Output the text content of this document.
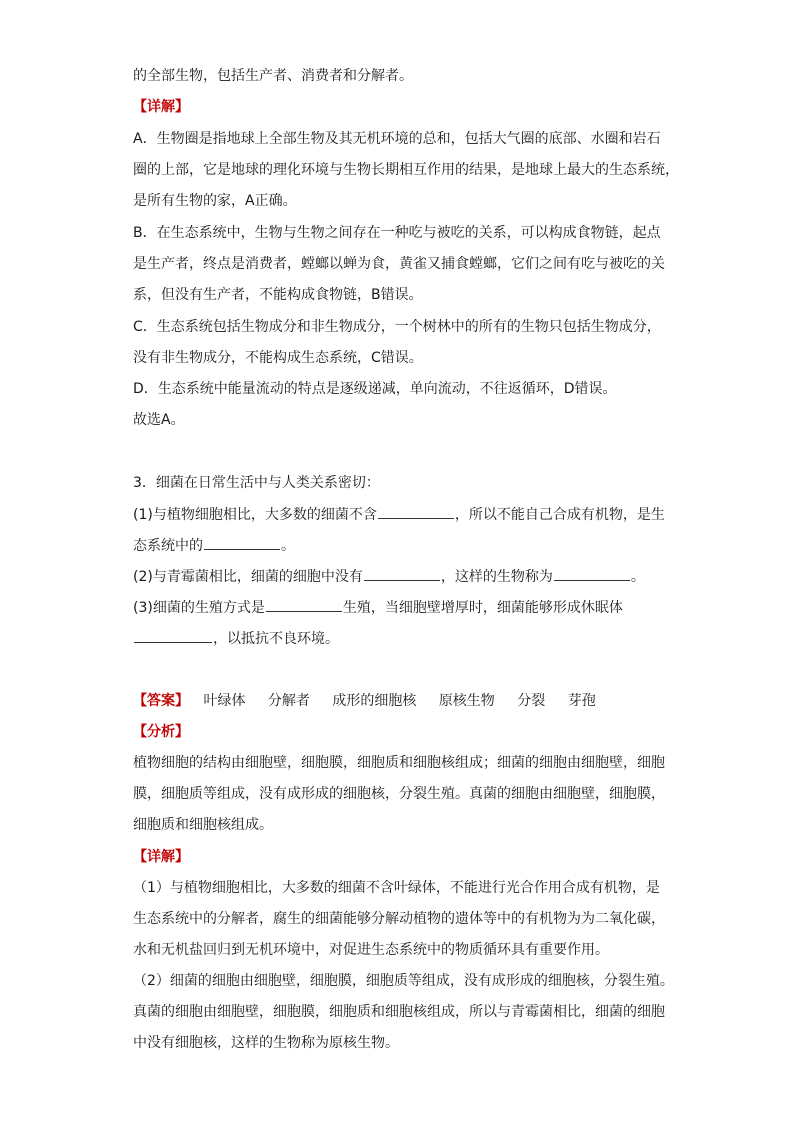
的全部生物，包括生产者、消费者和分解者。
【详解】
A．生物圈是指地球上全部生物及其无机环境的总和，包括大气圈的底部、水圈和岩石
圈的上部，它是地球的理化环境与生物长期相互作用的结果，是地球上最大的生态系统，
是所有生物的家，A正确。
B．在生态系统中，生物与生物之间存在一种吃与被吃的关系，可以构成食物链，起点
是生产者，终点是消费者，螳螂以蝉为食，黄雀又捕食螳螂，它们之间有吃与被吃的关
系，但没有生产者，不能构成食物链，B错误。
C．生态系统包括生物成分和非生物成分，一个树林中的所有的生物只包括生物成分，
没有非生物成分，不能构成生态系统，C错误。
D．生态系统中能量流动的特点是逐级递减，单向流动，不往返循环，D错误。
故选A。
3．细菌在日常生活中与人类关系密切：
(1)与植物细胞相比，大多数的细菌不含	，所以不能自己合成有机物，是生
态系统中的	。
(2)与青霉菌相比，细菌的细胞中没有	，这样的生物称为	。
(3)细菌的生殖方式是	生殖，当细胞壁增厚时，细菌能够形成休眠体
，以抵抗不良环境。
【答案】 叶绿体 分解者 成形的细胞核 原核生物 分裂 芽孢
【分析】
植物细胞的结构由细胞壁，细胞膜，细胞质和细胞核组成；细菌的细胞由细胞壁，细胞
膜，细胞质等组成，没有成形成的细胞核，分裂生殖。真菌的细胞由细胞壁，细胞膜，
细胞质和细胞核组成。
【详解】
（1）与植物细胞相比，大多数的细菌不含叶绿体，不能进行光合作用合成有机物，是
生态系统中的分解者，腐生的细菌能够分解动植物的遗体等中的有机物为为二氧化碳，
水和无机盐回归到无机环境中，对促进生态系统中的物质循环具有重要作用。
（2）细菌的细胞由细胞壁，细胞膜，细胞质等组成，没有成形成的细胞核，分裂生殖。
真菌的细胞由细胞壁，细胞膜，细胞质和细胞核组成，所以与青霉菌相比，细菌的细胞
中没有细胞核，这样的生物称为原核生物。
